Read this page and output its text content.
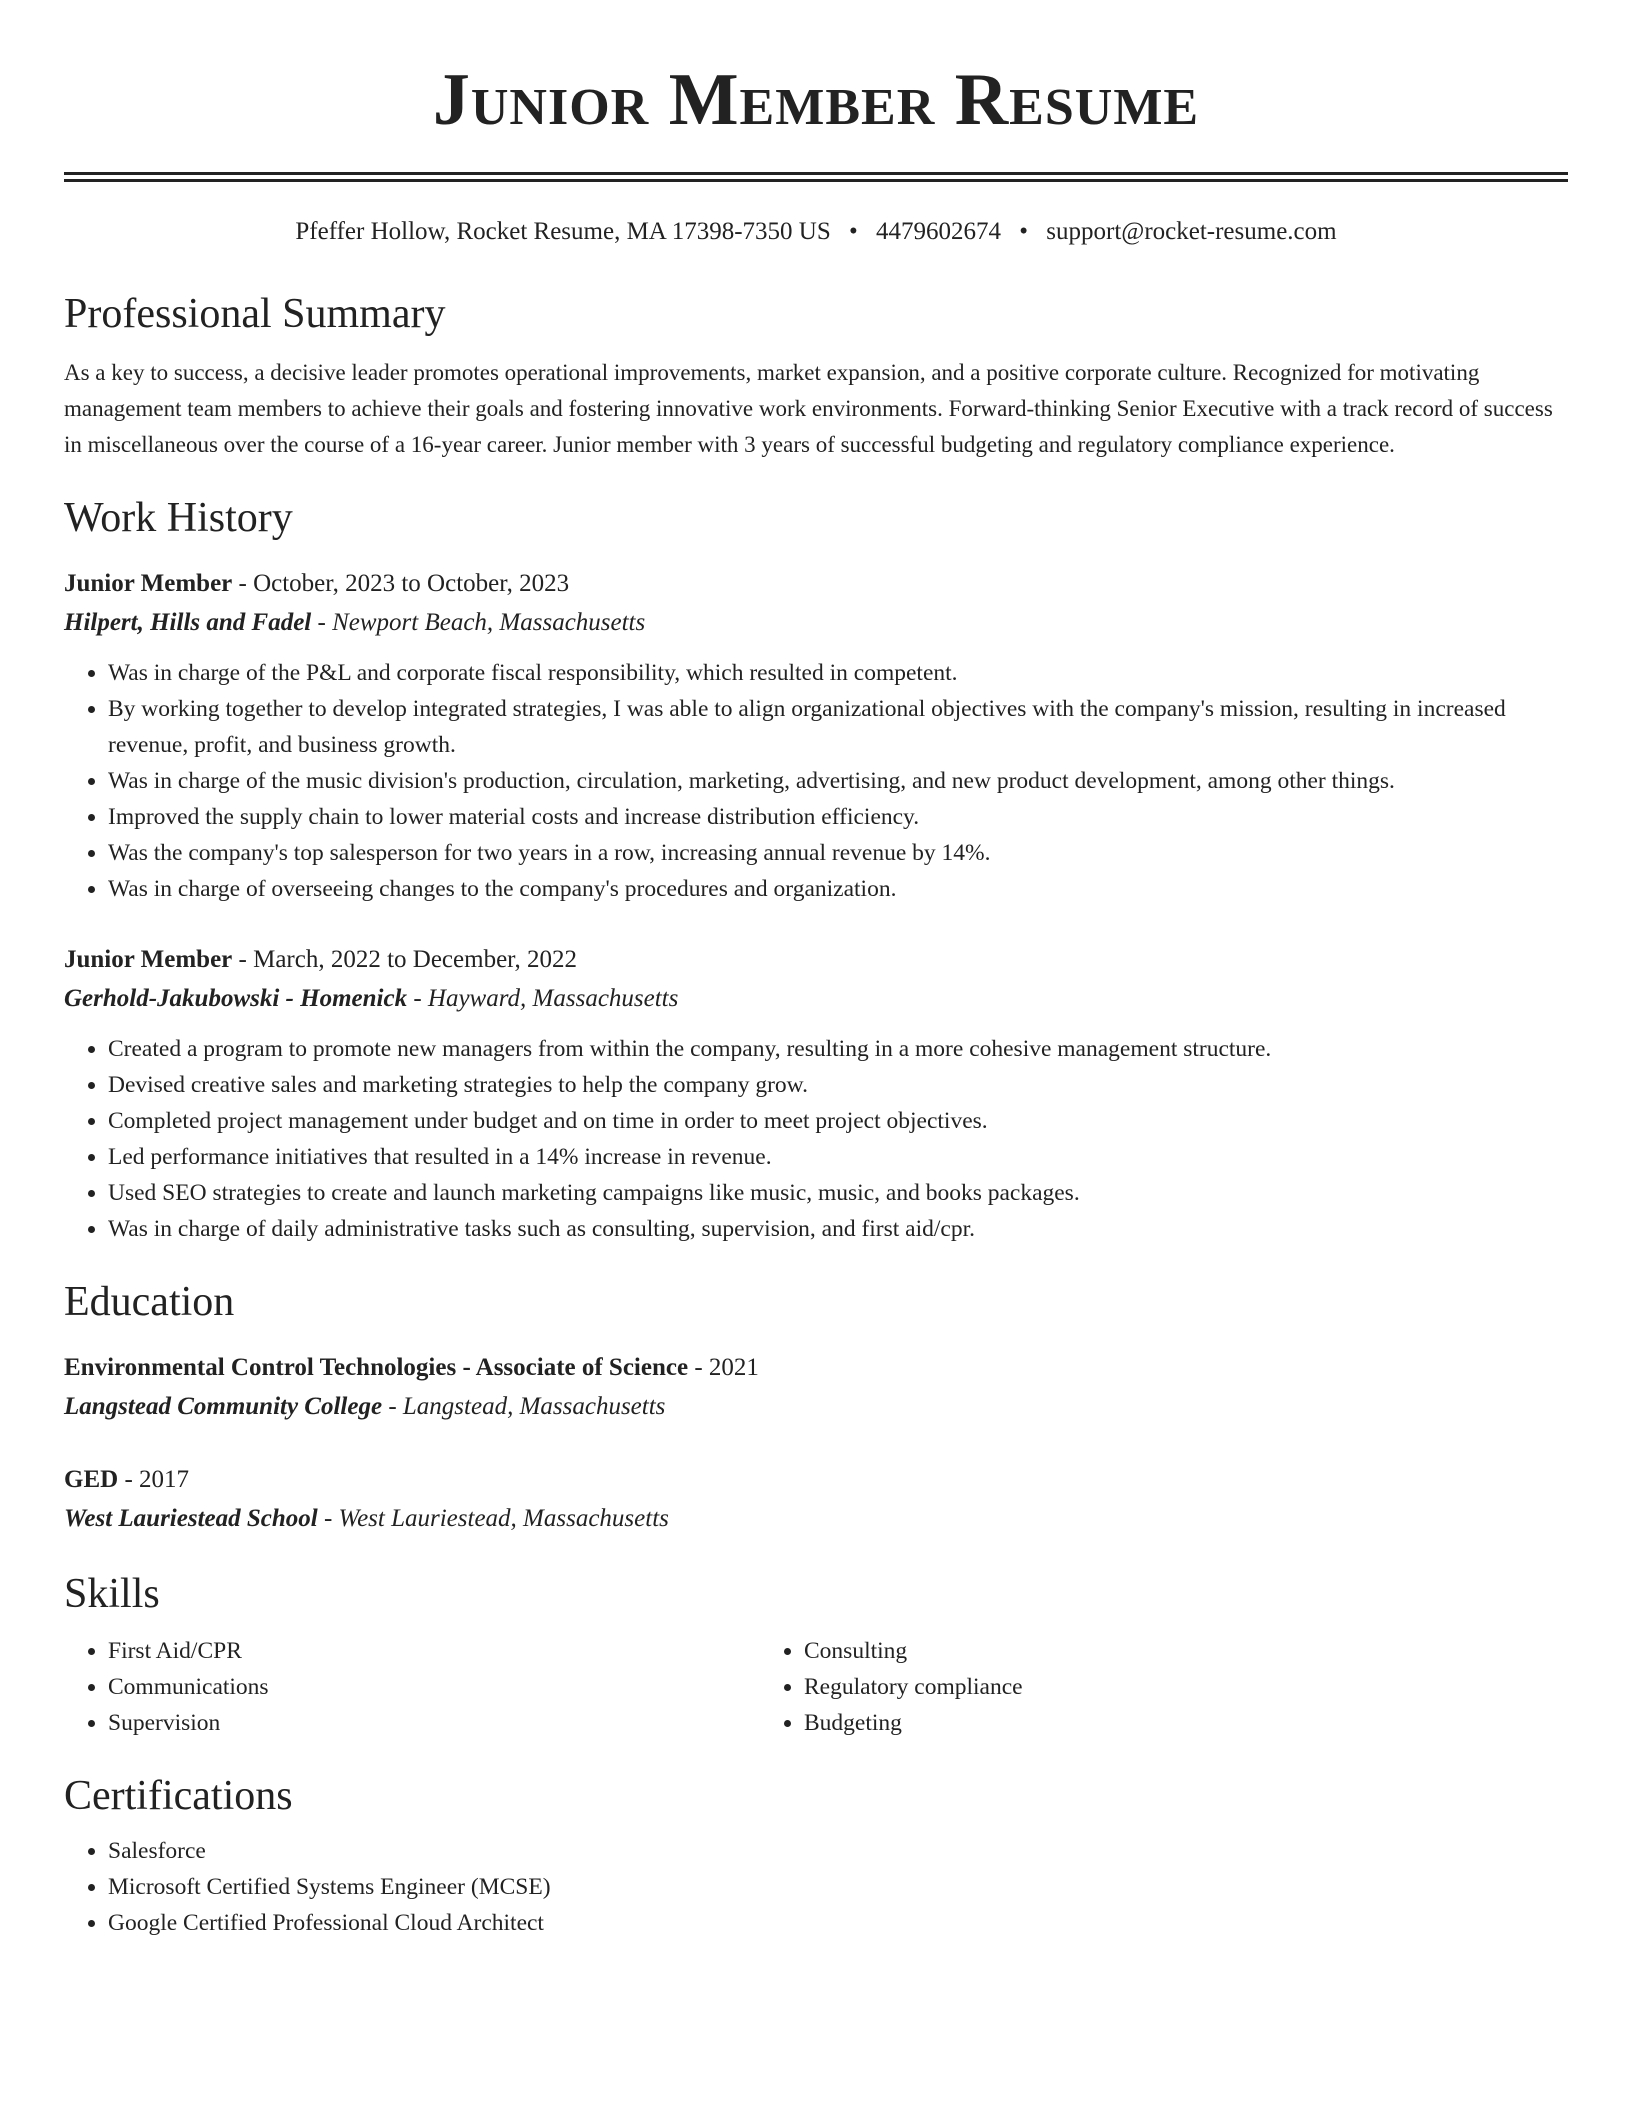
Junior Member Resume
Pfeffer Hollow, Rocket Resume, MA 17398-7350 US • 4479602674 • support@rocket-resume.com
Professional Summary
As a key to success, a decisive leader promotes operational improvements, market expansion, and a positive corporate culture. Recognized for motivating management team members to achieve their goals and fostering innovative work environments. Forward-thinking Senior Executive with a track record of success in miscellaneous over the course of a 16-year career. Junior member with 3 years of successful budgeting and regulatory compliance experience.
Work History
Junior Member - October, 2023 to October, 2023
Hilpert, Hills and Fadel - Newport Beach, Massachusetts
• Was in charge of the P&L and corporate fiscal responsibility, which resulted in competent.
• By working together to develop integrated strategies, I was able to align organizational objectives with the company's mission, resulting in increased revenue, profit, and business growth.
• Was in charge of the music division's production, circulation, marketing, advertising, and new product development, among other things.
• Improved the supply chain to lower material costs and increase distribution efficiency.
• Was the company's top salesperson for two years in a row, increasing annual revenue by 14%.
• Was in charge of overseeing changes to the company's procedures and organization.
Junior Member - March, 2022 to December, 2022
Gerhold-Jakubowski - Homenick - Hayward, Massachusetts
• Created a program to promote new managers from within the company, resulting in a more cohesive management structure.
• Devised creative sales and marketing strategies to help the company grow.
• Completed project management under budget and on time in order to meet project objectives.
• Led performance initiatives that resulted in a 14% increase in revenue.
• Used SEO strategies to create and launch marketing campaigns like music, music, and books packages.
• Was in charge of daily administrative tasks such as consulting, supervision, and first aid/cpr.
Education
Environmental Control Technologies - Associate of Science - 2021
Langstead Community College - Langstead, Massachusetts
GED - 2017
West Lauriestead School - West Lauriestead, Massachusetts
Skills
• First Aid/CPR
• Communications
• Supervision
• Consulting
• Regulatory compliance
• Budgeting
Certifications
• Salesforce
• Microsoft Certified Systems Engineer (MCSE)
• Google Certified Professional Cloud Architect
